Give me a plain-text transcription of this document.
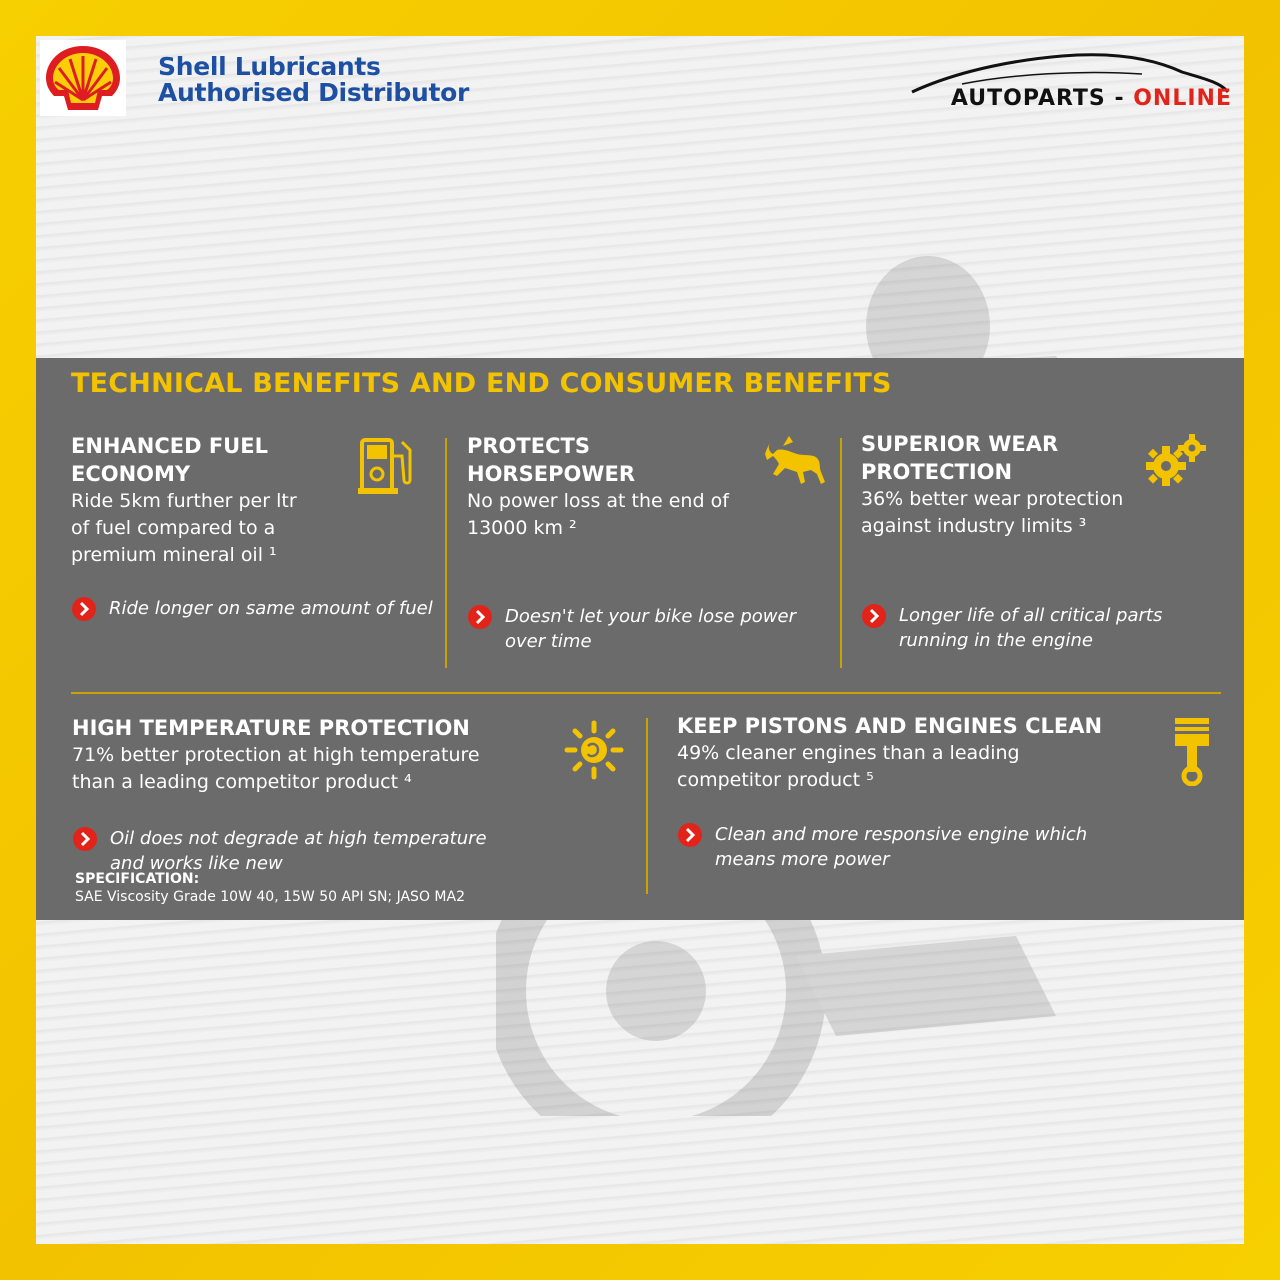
Shell Lubricants
Authorised Distributor	AUTOPARTS - ONLINE
TECHNICAL BENEFITS AND END CONSUMER BENEFITS
ENHANCED FUEL ECONOMY
Ride 5km further per ltr of fuel compared to a premium mineral oil ¹
Ride longer on same amount of fuel
PROTECTS HORSEPOWER
No power loss at the end of 13000 km ²
Doesn't let your bike lose power over time
SUPERIOR WEAR PROTECTION
36% better wear protection against industry limits ³
Longer life of all critical parts running in the engine
HIGH TEMPERATURE PROTECTION
71% better protection at high temperature than a leading competitor product ⁴
Oil does not degrade at high temperature and works like new
KEEP PISTONS AND ENGINES CLEAN
49% cleaner engines than a leading competitor product ⁵
Clean and more responsive engine which means more power
SPECIFICATION:
SAE Viscosity Grade 10W 40, 15W 50 API SN; JASO MA2
